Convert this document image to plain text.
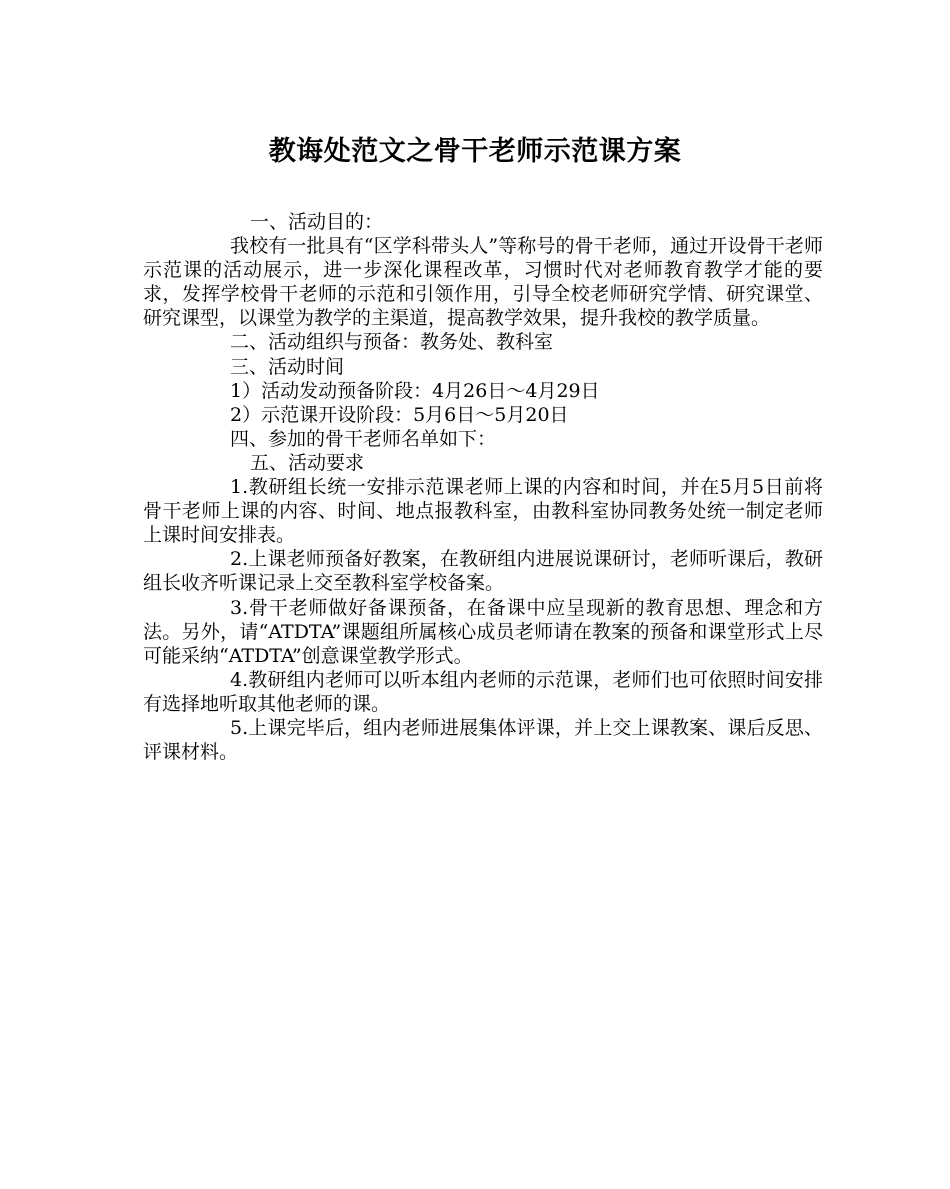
教诲处范文之骨干老师示范课方案

一、活动目的：

我校有一批具有“区学科带头人”等称号的骨干老师，通过开设骨干老师示范课的活动展示，进一步深化课程改革，习惯时代对老师教育教学才能的要求，发挥学校骨干老师的示范和引领作用，引导全校老师研究学情、研究课堂、研究课型，以课堂为教学的主渠道，提高教学效果，提升我校的教学质量。

二、活动组织与预备：教务处、教科室

三、活动时间

1）活动发动预备阶段：4月26日～4月29日

2）示范课开设阶段：5月6日～5月20日

四、参加的骨干老师名单如下：

五、活动要求

1.教研组长统一安排示范课老师上课的内容和时间，并在5月5日前将骨干老师上课的内容、时间、地点报教科室，由教科室协同教务处统一制定老师上课时间安排表。

2.上课老师预备好教案，在教研组内进展说课研讨，老师听课后，教研组长收齐听课记录上交至教科室学校备案。

3.骨干老师做好备课预备，在备课中应呈现新的教育思想、理念和方法。另外，请“ATDTA”课题组所属核心成员老师请在教案的预备和课堂形式上尽可能采纳“ATDTA”创意课堂教学形式。

4.教研组内老师可以听本组内老师的示范课，老师们也可依照时间安排有选择地听取其他老师的课。

5.上课完毕后，组内老师进展集体评课，并上交上课教案、课后反思、评课材料。
